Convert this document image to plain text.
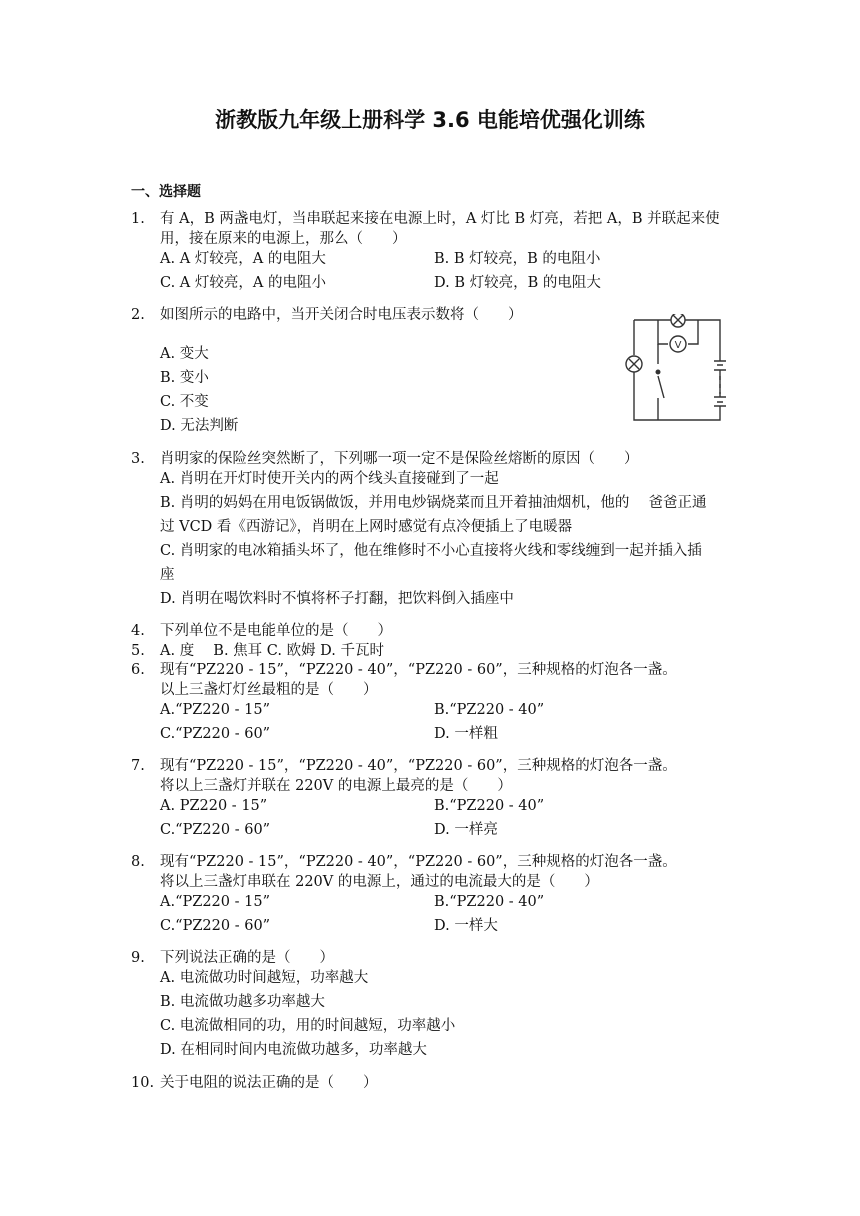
浙教版九年级上册科学 3.6 电能培优强化训练
一、选择题
1. 有 A，B 两盏电灯，当串联起来接在电源上时，A 灯比 B 灯亮，若把 A，B 并联起来使
用，接在原来的电源上，那么（　　）
A. A 灯较亮，A 的电阻大	B. B 灯较亮，B 的电阻小
C. A 灯较亮，A 的电阻小	D. B 灯较亮，B 的电阻大
2. 如图所示的电路中，当开关闭合时电压表示数将（　　）
A. 变大
B. 变小
C. 不变
D. 无法判断
V
3. 肖明家的保险丝突然断了，下列哪一项一定不是保险丝熔断的原因（　　）
A. 肖明在开灯时使开关内的两个线头直接碰到了一起
B. 肖明的妈妈在用电饭锅做饭，并用电炒锅烧菜而且开着抽油烟机，他的　 爸爸正通
过 VCD 看《西游记》，肖明在上网时感觉有点冷便插上了电暖器
C. 肖明家的电冰箱插头坏了，他在维修时不小心直接将火线和零线缠到一起并插入插
座
D. 肖明在喝饮料时不慎将杯子打翻，把饮料倒入插座中
4. 下列单位不是电能单位的是（　　）
5. A. 度　 B. 焦耳 C. 欧姆 D. 千瓦时
6. 现有“PZ220 - 15”，“PZ220 - 40”，“PZ220 - 60”，三种规格的灯泡各一盏。
以上三盏灯灯丝最粗的是（　　）
A.“PZ220 - 15”	B.“PZ220 - 40”
C.“PZ220 - 60”	D. 一样粗
7. 现有“PZ220 - 15”，“PZ220 - 40”，“PZ220 - 60”，三种规格的灯泡各一盏。
将以上三盏灯并联在 220V 的电源上最亮的是（　　）
A. PZ220 - 15”	B.“PZ220 - 40”
C.“PZ220 - 60”	D. 一样亮
8. 现有“PZ220 - 15”，“PZ220 - 40”，“PZ220 - 60”，三种规格的灯泡各一盏。
将以上三盏灯串联在 220V 的电源上，通过的电流最大的是（　　）
A.“PZ220 - 15”	B.“PZ220 - 40”
C.“PZ220 - 60”	D. 一样大
9. 下列说法正确的是（　　）
A. 电流做功时间越短，功率越大
B. 电流做功越多功率越大
C. 电流做相同的功，用的时间越短，功率越小
D. 在相同时间内电流做功越多，功率越大
10. 关于电阻的说法正确的是（　　）
